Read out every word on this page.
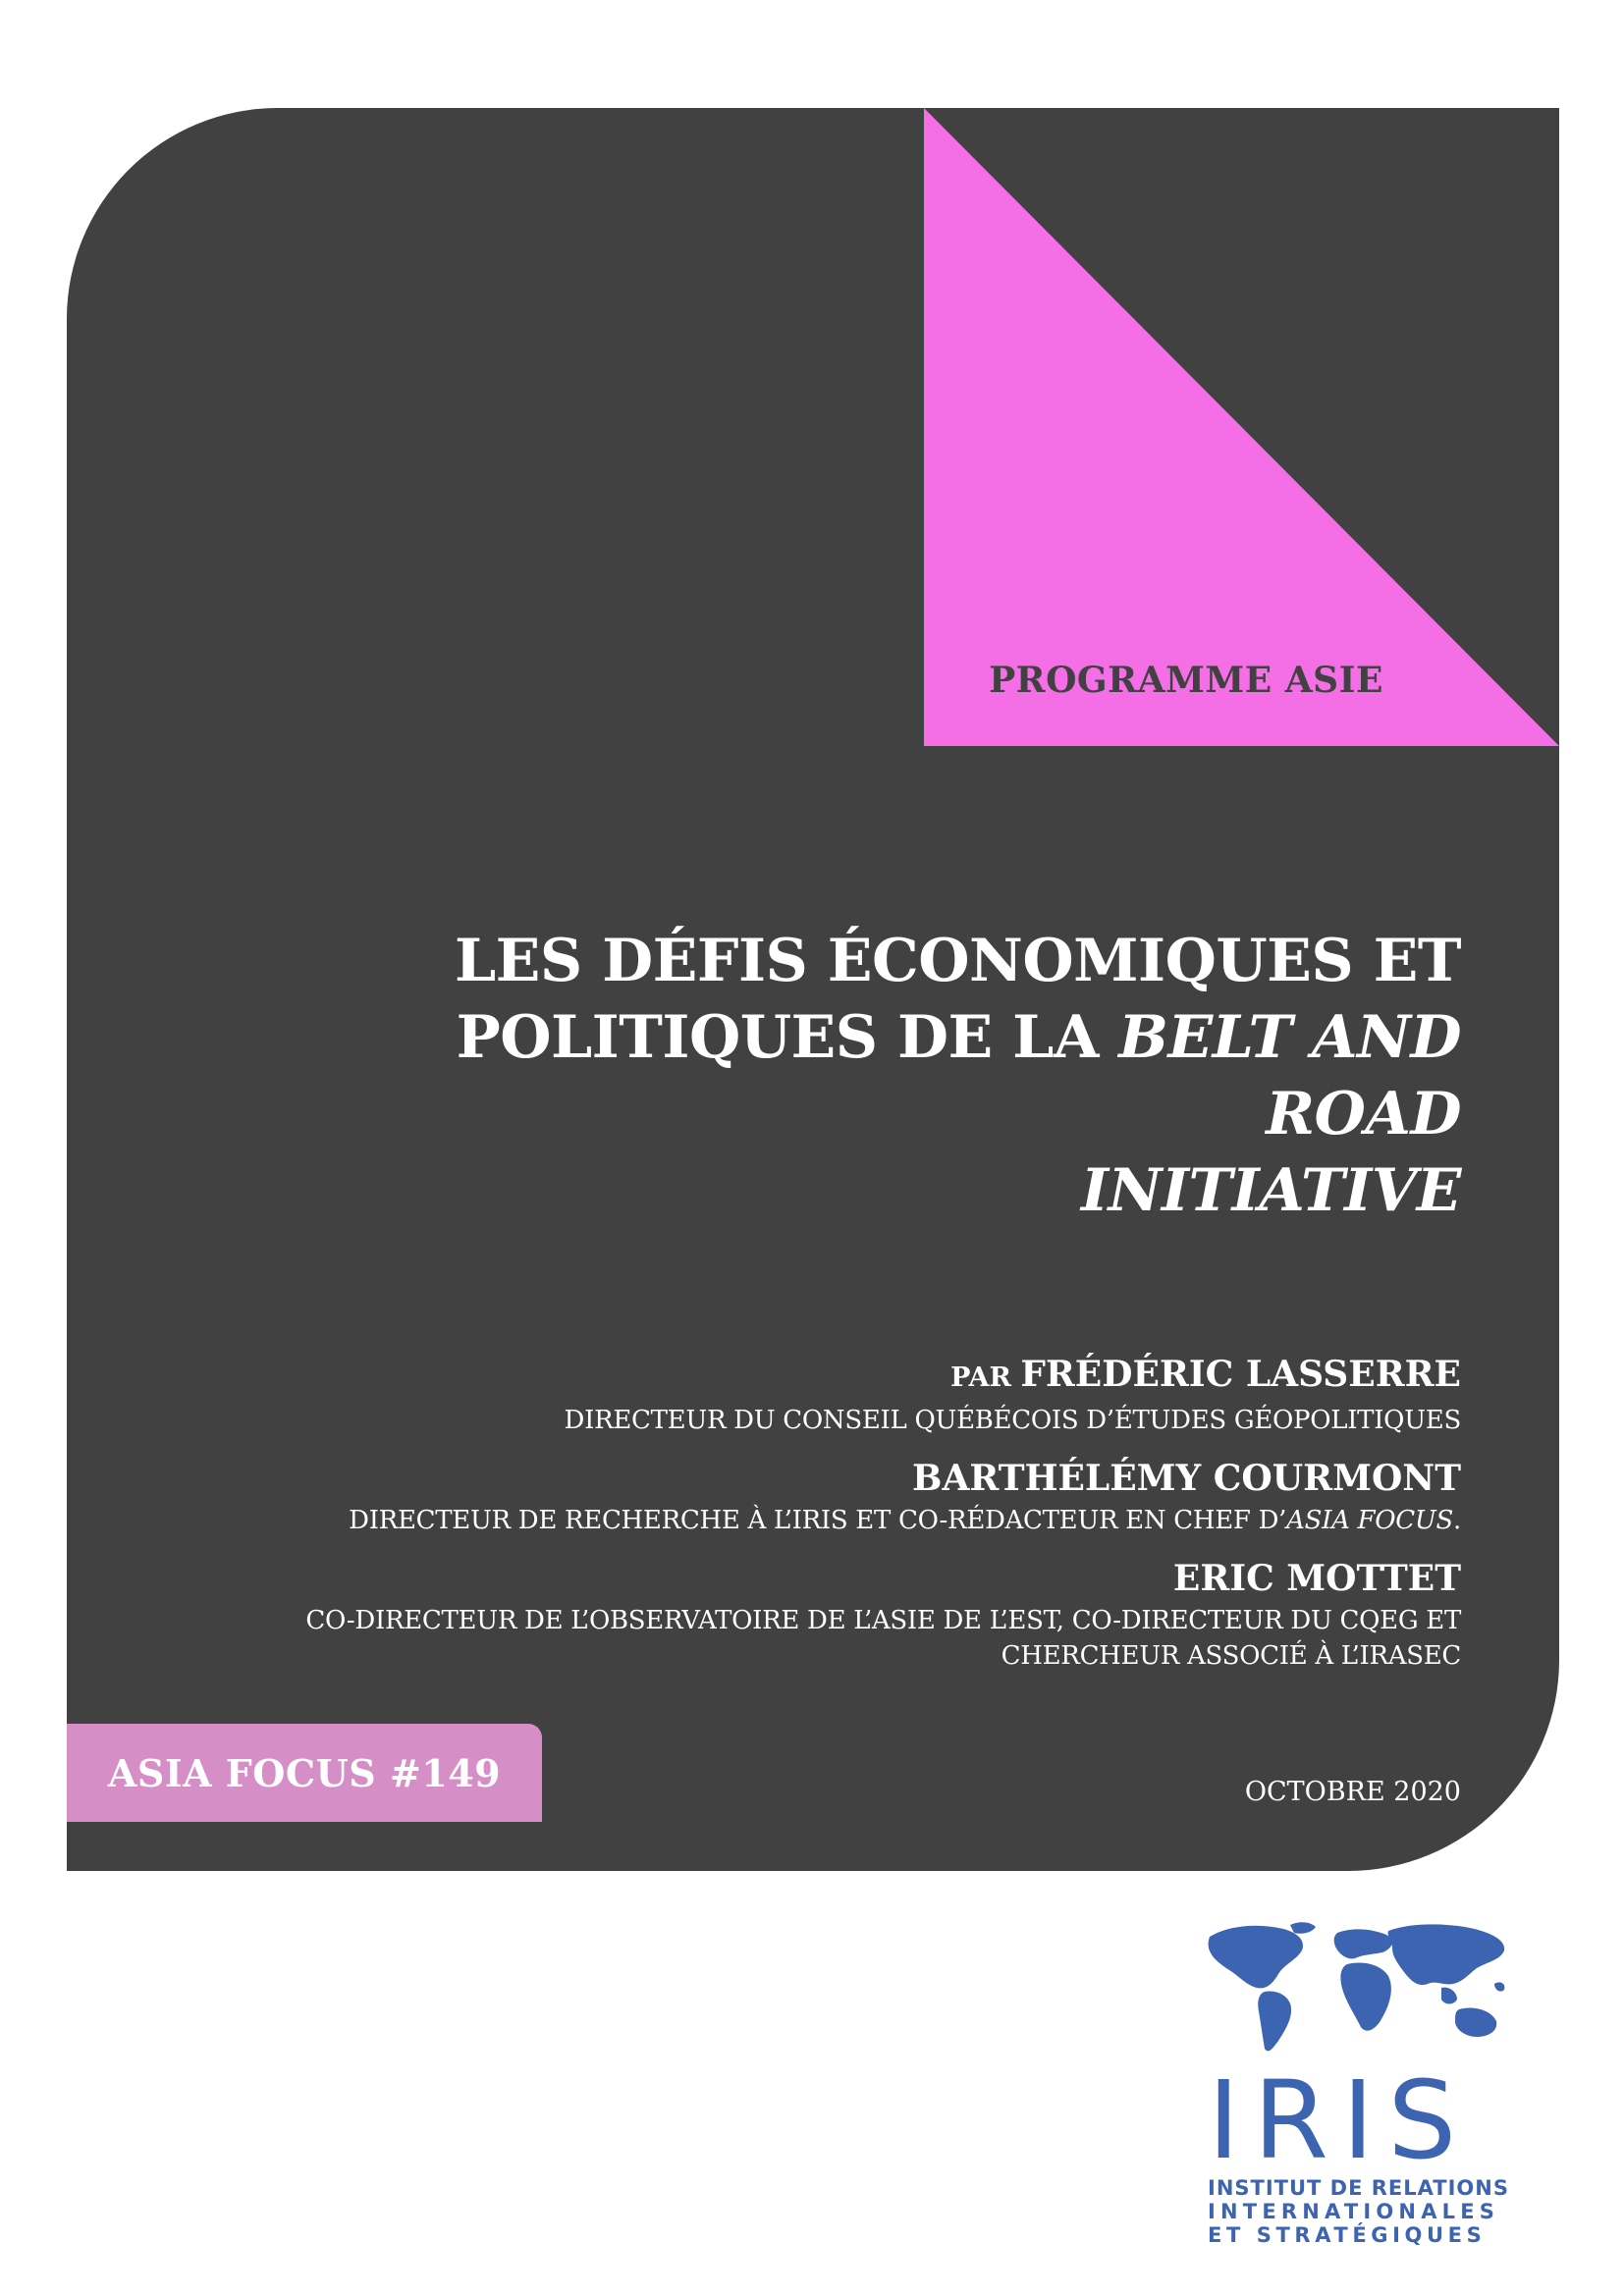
PROGRAMME ASIE
LES DÉFIS ÉCONOMIQUES ET
POLITIQUES DE LA BELT AND ROAD
INITIATIVE
PAR FRÉDÉRIC LASSERRE
DIRECTEUR DU CONSEIL QUÉBÉCOIS D’ÉTUDES GÉOPOLITIQUES
BARTHÉLÉMY COURMONT
DIRECTEUR DE RECHERCHE À L’IRIS ET CO-RÉDACTEUR EN CHEF D’ASIA FOCUS.
ERIC MOTTET
CO-DIRECTEUR DE L’OBSERVATOIRE DE L’ASIE DE L’EST, CO-DIRECTEUR DU CQEG ET
CHERCHEUR ASSOCIÉ À L’IRASEC
OCTOBRE 2020
ASIA FOCUS #149
IRIS
INSTITUT DE RELATIONS
INTERNATIONALES
ET STRATÉGIQUES
